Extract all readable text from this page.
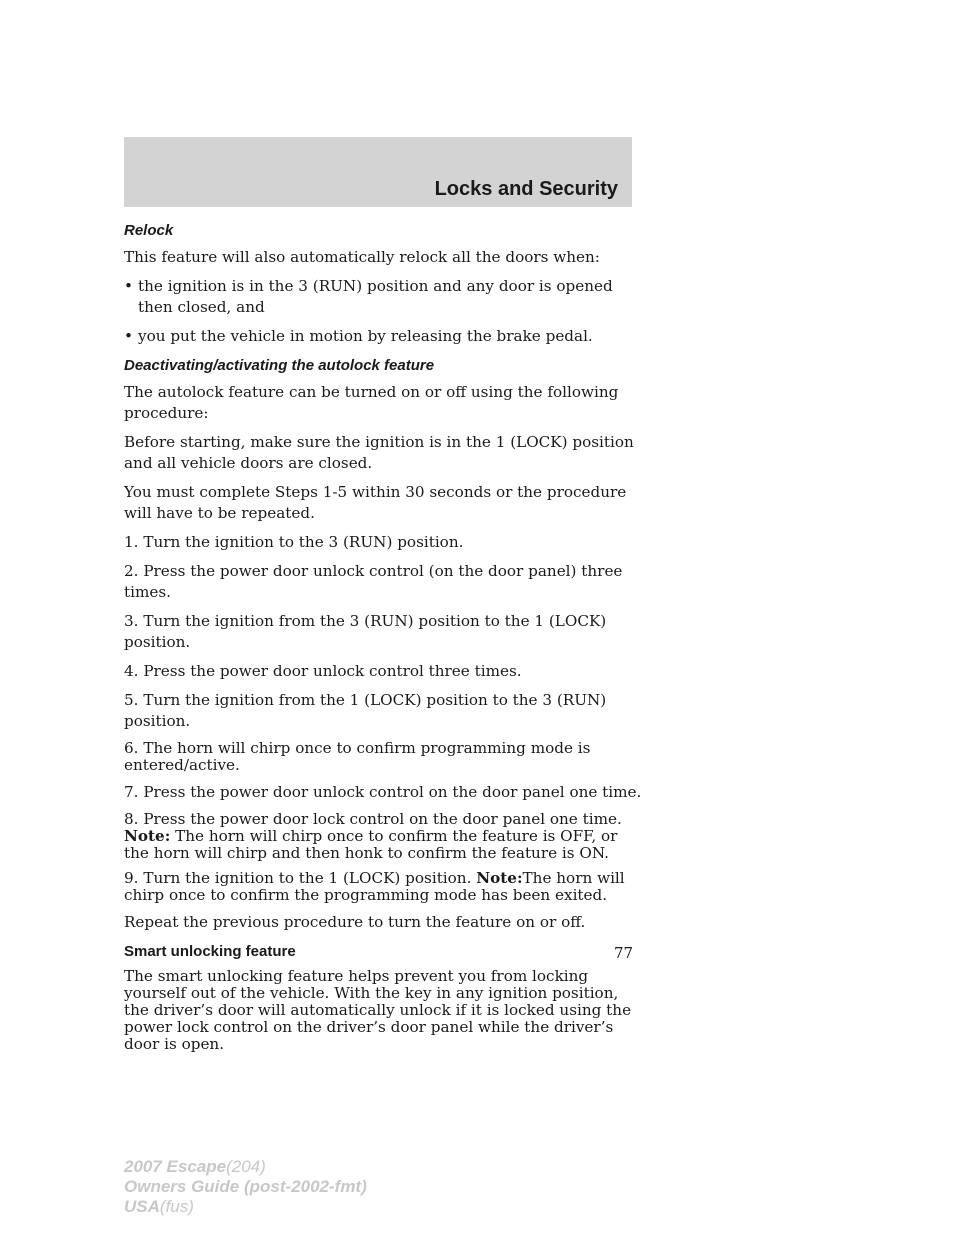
Locks and Security
Relock

This feature will also automatically relock all the doors when:

• the ignition is in the 3 (RUN) position and any door is opened then closed, and
• you put the vehicle in motion by releasing the brake pedal.
Deactivating/activating the autolock feature

The autolock feature can be turned on or off using the following procedure:

Before starting, make sure the ignition is in the 1 (LOCK) position and all vehicle doors are closed.

You must complete Steps 1-5 within 30 seconds or the procedure will have to be repeated.

1. Turn the ignition to the 3 (RUN) position.

2. Press the power door unlock control (on the door panel) three times.

3. Turn the ignition from the 3 (RUN) position to the 1 (LOCK) position.

4. Press the power door unlock control three times.

5. Turn the ignition from the 1 (LOCK) position to the 3 (RUN) position.

6. The horn will chirp once to confirm programming mode is entered/active.

7. Press the power door unlock control on the door panel one time.

8. Press the power door lock control on the door panel one time. Note: The horn will chirp once to confirm the feature is OFF, or the horn will chirp and then honk to confirm the feature is ON.

9. Turn the ignition to the 1 (LOCK) position. Note:The horn will chirp once to confirm the programming mode has been exited.

Repeat the previous procedure to turn the feature on or off.

Smart unlocking feature

The smart unlocking feature helps prevent you from locking yourself out of the vehicle. With the key in any ignition position, the driver’s door will automatically unlock if it is locked using the power lock control on the driver’s door panel while the driver’s door is open.

77
2007 Escape(204)
Owners Guide (post-2002-fmt)
USA(fus)
